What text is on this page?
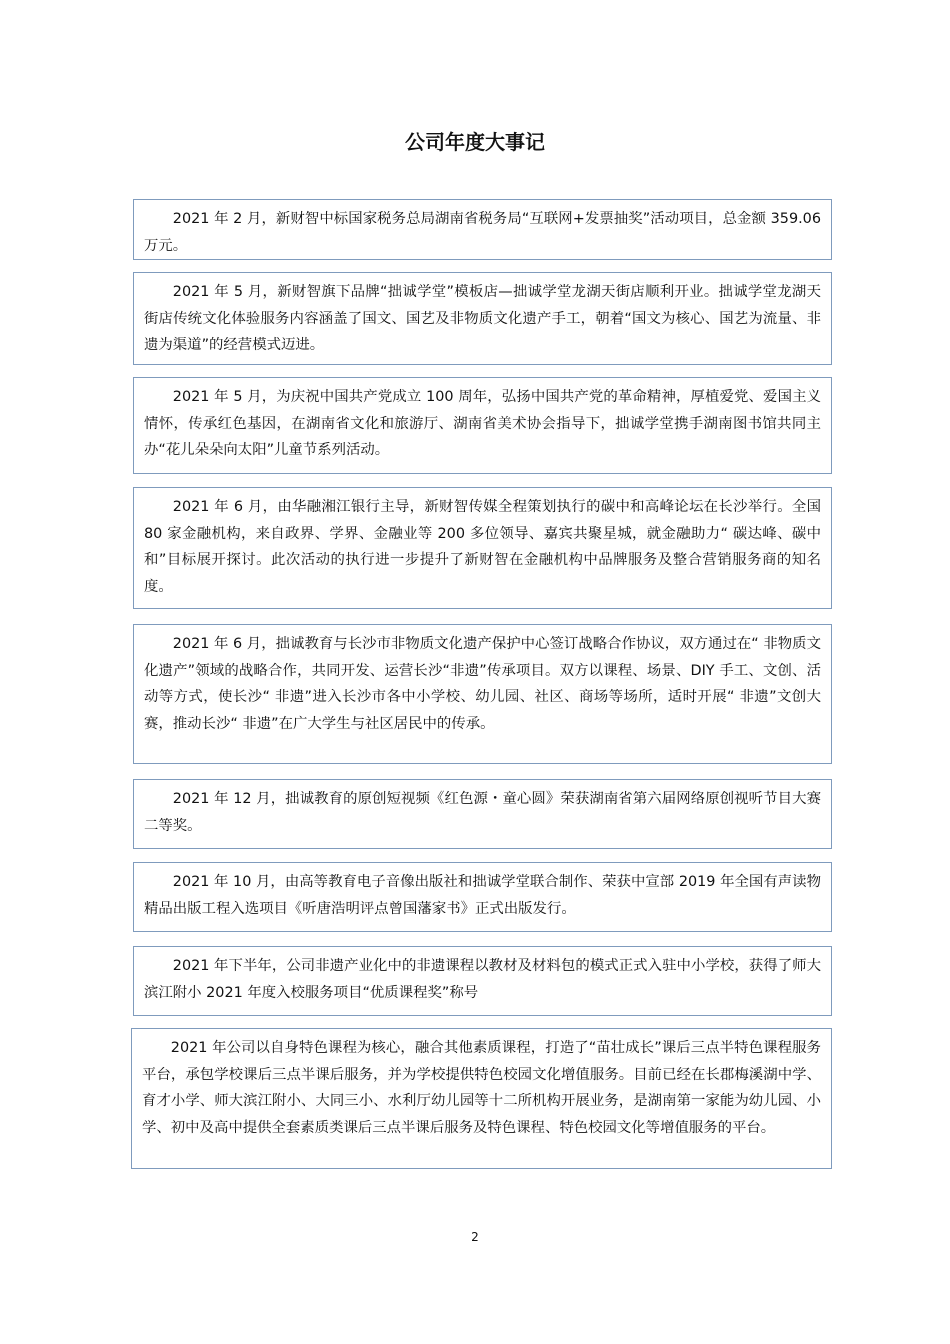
公司年度大事记

2021 年 2 月，新财智中标国家税务总局湖南省税务局“互联网+发票抽奖”活动项目，总金额 359.06 万元。

2021 年 5 月，新财智旗下品牌“拙诚学堂”模板店—拙诚学堂龙湖天街店顺利开业。拙诚学堂龙湖天街店传统文化体验服务内容涵盖了国文、国艺及非物质文化遗产手工，朝着“国文为核心、国艺为流量、非遗为渠道”的经营模式迈进。

2021 年 5 月，为庆祝中国共产党成立 100 周年，弘扬中国共产党的革命精神，厚植爱党、爱国主义情怀，传承红色基因，在湖南省文化和旅游厅、湖南省美术协会指导下，拙诚学堂携手湖南图书馆共同主办“花儿朵朵向太阳”儿童节系列活动。

2021 年 6 月，由华融湘江银行主导，新财智传媒全程策划执行的碳中和高峰论坛在长沙举行。全国 80 家金融机构，来自政界、学界、金融业等 200 多位领导、嘉宾共聚星城，就金融助力“ 碳达峰、碳中和”目标展开探讨。此次活动的执行进一步提升了新财智在金融机构中品牌服务及整合营销服务商的知名度。

2021 年 6 月，拙诚教育与长沙市非物质文化遗产保护中心签订战略合作协议，双方通过在“ 非物质文化遗产”领域的战略合作，共同开发、运营长沙“非遗”传承项目。双方以课程、场景、DIY 手工、文创、活动等方式，使长沙“ 非遗”进入长沙市各中小学校、幼儿园、社区、商场等场所，适时开展“ 非遗”文创大赛，推动长沙“ 非遗”在广大学生与社区居民中的传承。

2021 年 12 月，拙诚教育的原创短视频《红色源・童心圆》荣获湖南省第六届网络原创视听节目大赛二等奖。

2021 年 10 月，由高等教育电子音像出版社和拙诚学堂联合制作、荣获中宣部 2019 年全国有声读物精品出版工程入选项目《听唐浩明评点曾国藩家书》正式出版发行。

2021 年下半年，公司非遗产业化中的非遗课程以教材及材料包的模式正式入驻中小学校，获得了师大滨江附小 2021 年度入校服务项目“优质课程奖”称号

2021 年公司以自身特色课程为核心，融合其他素质课程，打造了“苗壮成长”课后三点半特色课程服务平台，承包学校课后三点半课后服务，并为学校提供特色校园文化增值服务。目前已经在长郡梅溪湖中学、育才小学、师大滨江附小、大同三小、水利厅幼儿园等十二所机构开展业务，是湖南第一家能为幼儿园、小学、初中及高中提供全套素质类课后三点半课后服务及特色课程、特色校园文化等增值服务的平台。

2
